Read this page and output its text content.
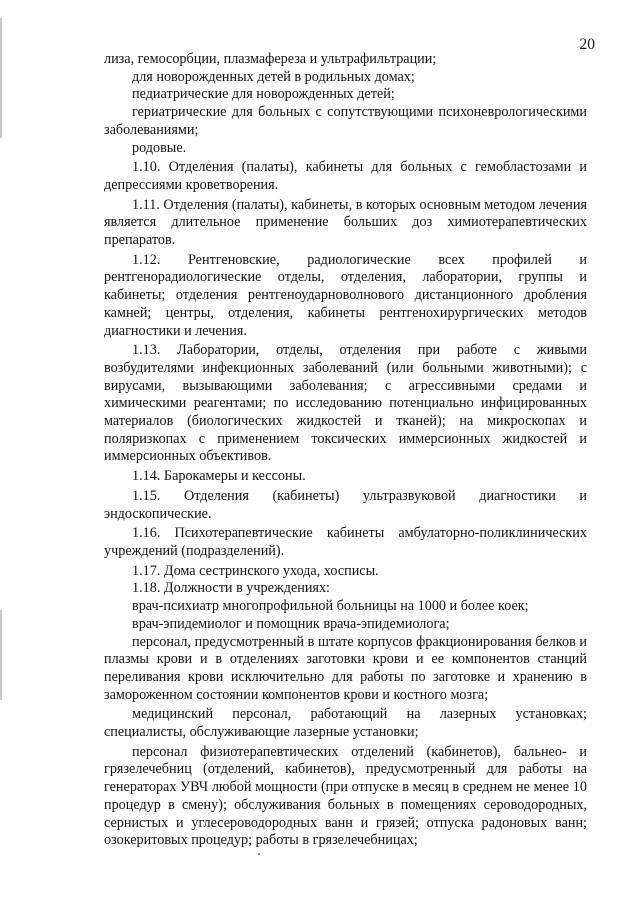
20

лиза, гемосорбции, плазмафереза и ультрафильтрации;

для новорожденных детей в родильных домах;

педиатрические для новорожденных детей;

гериатрические для больных с сопутствующими психоневрологическими заболеваниями;

родовые.

1.10. Отделения (палаты), кабинеты для больных с гемобластозами и депрессиями кроветворения.

1.11. Отделения (палаты), кабинеты, в которых основным методом лечения является длительное применение больших доз химиотерапевтических препаратов.

1.12. Рентгеновские, радиологические всех профилей и рентгенорадиологические отделы, отделения, лаборатории, группы и кабинеты; отделения рентгеноударноволнового дистанционного дробления камней; центры, отделения, кабинеты рентгенохирургических методов диагностики и лечения.

1.13. Лаборатории, отделы, отделения при работе с живыми возбудителями инфекционных заболеваний (или больными животными); с вирусами, вызывающими заболевания; с агрессивными средами и химическими реагентами; по исследованию потенциально инфицированных материалов (биологических жидкостей и тканей); на микроскопах и поляризкопах с применением токсических иммерсионных жидкостей и иммерсионных объективов.

1.14. Барокамеры и кессоны.

1.15. Отделения (кабинеты) ультразвуковой диагностики и эндоскопические.

1.16. Психотерапевтические кабинеты амбулаторно-поликлинических учреждений (подразделений).

1.17. Дома сестринского ухода, хосписы.

1.18. Должности в учреждениях:

врач-психиатр многопрофильной больницы на 1000 и более коек;

врач-эпидемиолог и помощник врача-эпидемиолога;

персонал, предусмотренный в штате корпусов фракционирования белков и плазмы крови и в отделениях заготовки крови и ее компонентов станций переливания крови исключительно для работы по заготовке и хранению в замороженном состоянии компонентов крови и костного мозга;

медицинский персонал, работающий на лазерных установках; специалисты, обслуживающие лазерные установки;

персонал физиотерапевтических отделений (кабинетов), бальнео- и грязелечебниц (отделений, кабинетов), предусмотренный для работы на генераторах УВЧ любой мощности (при отпуске в месяц в среднем не менее 10 процедур в смену); обслуживания больных в помещениях сероводородных, сернистых и углесероводородных ванн и грязей; отпуска радоновых ванн; озокеритовых процедур; работы в грязелечебницах;
